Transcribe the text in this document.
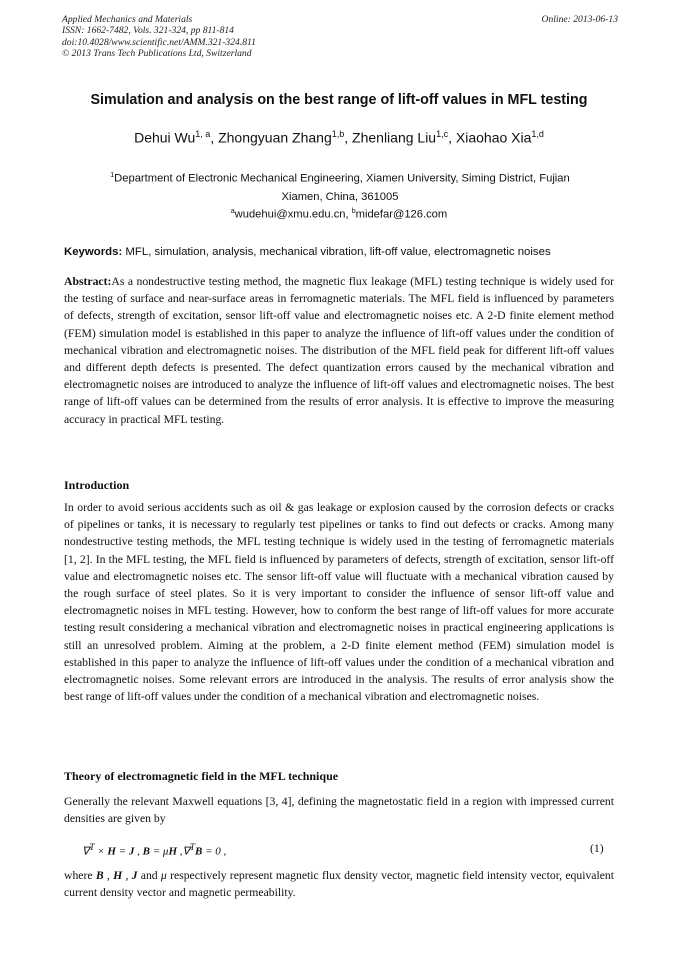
Applied Mechanics and Materials
ISSN: 1662-7482, Vols. 321-324, pp 811-814
doi:10.4028/www.scientific.net/AMM.321-324.811
© 2013 Trans Tech Publications Ltd, Switzerland
Online: 2013-06-13
Simulation and analysis on the best range of lift-off values in MFL testing
Dehui Wu$^{1, a}$, Zhongyuan Zhang$^{1,b}$, Zhenliang Liu$^{1,c}$, Xiaohao Xia$^{1,d}$
$^1$Department of Electronic Mechanical Engineering, Xiamen University, Siming District, Fujian
Xiamen, China, 361005
$^a$wudehui@xmu.edu.cn, $^b$midefar@126.com
Keywords: MFL, simulation, analysis, mechanical vibration, lift-off value, electromagnetic noises
Abstract:As a nondestructive testing method, the magnetic flux leakage (MFL) testing technique is widely used for the testing of surface and near-surface areas in ferromagnetic materials. The MFL field is influenced by parameters of defects, strength of excitation, sensor lift-off value and electromagnetic noises etc. A 2-D finite element method (FEM) simulation model is established in this paper to analyze the influence of lift-off values under the condition of mechanical vibration and electromagnetic noises. The distribution of the MFL field peak for different lift-off values and different depth defects is presented. The defect quantization errors caused by the mechanical vibration and electromagnetic noises are introduced to analyze the influence of lift-off values and electromagnetic noises. The best range of lift-off values can be determined from the results of error analysis. It is effective to improve the measuring accuracy in practical MFL testing.
Introduction
In order to avoid serious accidents such as oil & gas leakage or explosion caused by the corrosion defects or cracks of pipelines or tanks, it is necessary to regularly test pipelines or tanks to find out defects or cracks. Among many nondestructive testing methods, the MFL testing technique is widely used in the testing of ferromagnetic materials [1, 2]. In the MFL testing, the MFL field is influenced by parameters of defects, strength of excitation, sensor lift-off value and electromagnetic noises etc. The sensor lift-off value will fluctuate with a mechanical vibration caused by the rough surface of steel plates. So it is very important to consider the influence of sensor lift-off value and electromagnetic noises in MFL testing. However, how to conform the best range of lift-off values for more accurate testing result considering a mechanical vibration and electromagnetic noises in practical engineering applications is still an unresolved problem. Aiming at the problem, a 2-D finite element method (FEM) simulation model is established in this paper to analyze the influence of lift-off values under the condition of a mechanical vibration and electromagnetic noises. Some relevant errors are introduced in the analysis. The results of error analysis show the best range of lift-off values under the condition of a mechanical vibration and electromagnetic noises.
Theory of electromagnetic field in the MFL technique
Generally the relevant Maxwell equations [3, 4], defining the magnetostatic field in a region with impressed current densities are given by
∇$^T$ × H = J , B = μH ,∇$^T$B = 0 ,	(1)
where B , H , J and μ respectively represent magnetic flux density vector, magnetic field intensity vector, equivalent current density vector and magnetic permeability.
